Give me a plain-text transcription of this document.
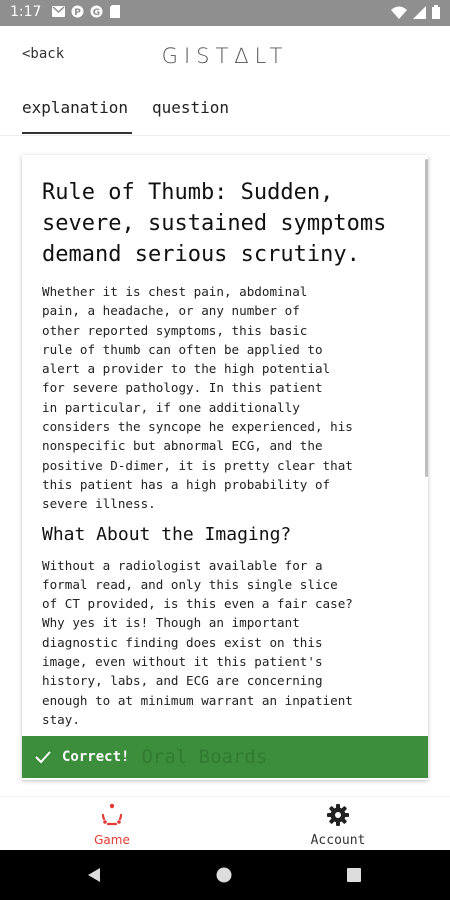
1:17	P G
<back	GIST∆LT
explanation question
Rule of Thumb: Sudden, severe, sustained symptoms demand serious scrutiny.
Whether it is chest pain, abdominal
pain, a headache, or any number of
other reported symptoms, this basic
rule of thumb can often be applied to
alert a provider to the high potential
for severe pathology. In this patient
in particular, if one additionally
considers the syncope he experienced, his
nonspecific but abnormal ECG, and the
positive D-dimer, it is pretty clear that
this patient has a high probability of
severe illness.
What About the Imaging?
Without a radiologist available for a
formal read, and only this single slice
of CT provided, is this even a fair case?
Why yes it is! Though an important
diagnostic finding does exist on this
image, even without it this patient's
history, labs, and ECG are concerning
enough to at minimum warrant an inpatient
stay.
Correct! Oral Boards
Game	Account
